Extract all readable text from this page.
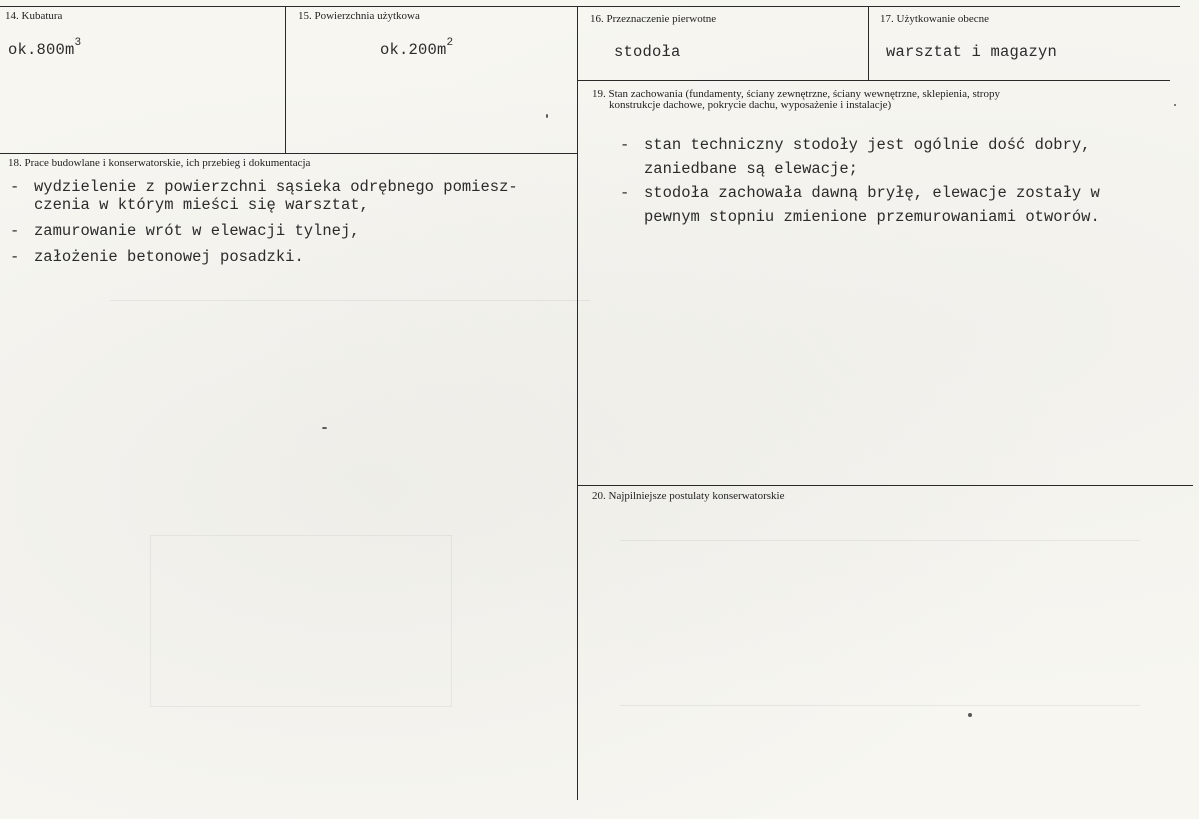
14. Kubatura
$ok.800m^3$
15. Powierzchnia użytkowa
$ok.200m^2$
16. Przeznaczenie pierwotne
stodoła
17. Użytkowanie obecne
warsztat i magazyn
18. Prace budowlane i konserwatorskie, ich przebieg i dokumentacja
- wydzielenie z powierzchni sąsieka odrębnego pomiesz-
czenia w którym mieści się warsztat,
- zamurowanie wrót w elewacji tylnej,
- założenie betonowej posadzki.
19. Stan zachowania (fundamenty, ściany zewnętrzne, ściany wewnętrzne, sklepienia, stropy
konstrukcje dachowe, pokrycie dachu, wyposażenie i instalacje)
- stan techniczny stodoły jest ogólnie dość dobry,
zaniedbane są elewacje;
- stodoła zachowała dawną bryłę, elewacje zostały w
pewnym stopniu zmienione przemurowaniami otworów.
20. Najpilniejsze postulaty konserwatorskie
